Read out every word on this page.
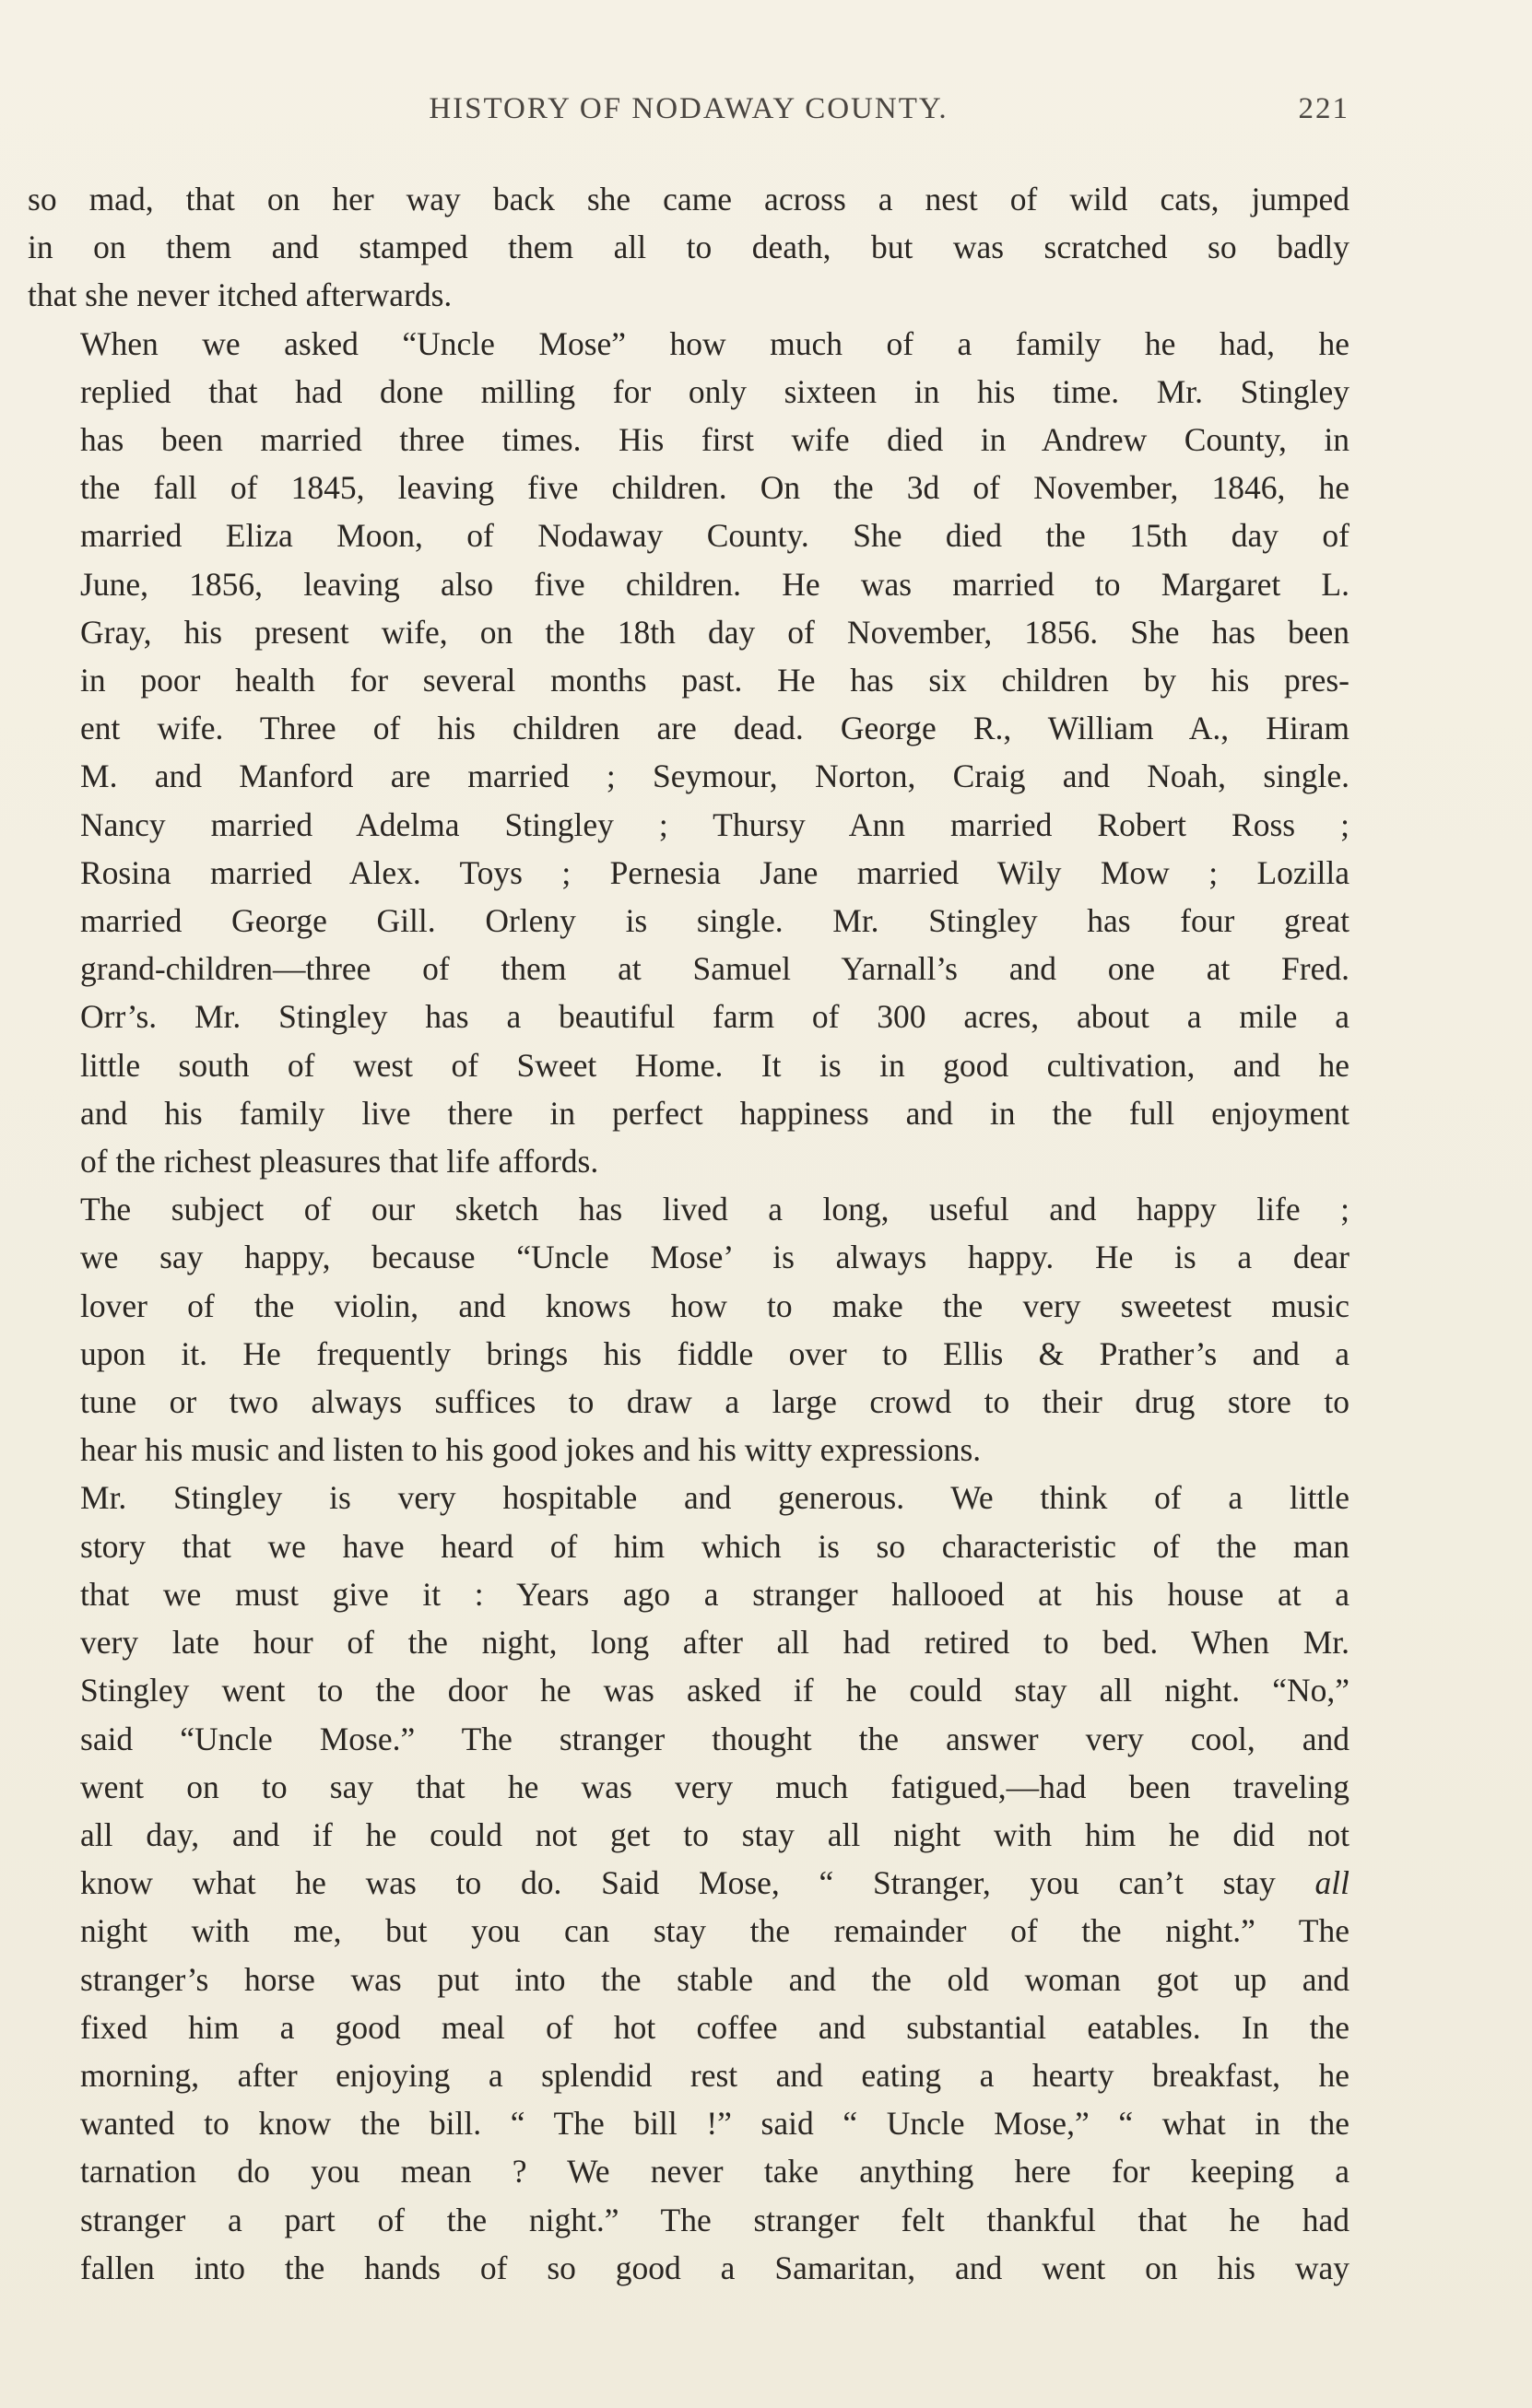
HISTORY OF NODAWAY COUNTY.	221

so mad, that on her way back she came across a nest of wild cats, jumped
in on them and stamped them all to death, but was scratched so badly
that she never itched afterwards.

When we asked “Uncle Mose” how much of a family he had, he
replied that had done milling for only sixteen in his time. Mr. Stingley
has been married three times. His first wife died in Andrew County, in
the fall of 1845, leaving five children. On the 3d of November, 1846, he
married Eliza Moon, of Nodaway County. She died the 15th day of
June, 1856, leaving also five children. He was married to Margaret L.
Gray, his present wife, on the 18th day of November, 1856. She has been
in poor health for several months past. He has six children by his pres-
ent wife. Three of his children are dead. George R., William A., Hiram
M. and Manford are married ; Seymour, Norton, Craig and Noah, single.
Nancy married Adelma Stingley ; Thursy Ann married Robert Ross ;
Rosina married Alex. Toys ; Pernesia Jane married Wily Mow ; Lozilla
married George Gill. Orleny is single. Mr. Stingley has four great
grand-children—three of them at Samuel Yarnall’s and one at Fred.
Orr’s. Mr. Stingley has a beautiful farm of 300 acres, about a mile a
little south of west of Sweet Home. It is in good cultivation, and he
and his family live there in perfect happiness and in the full enjoyment
of the richest pleasures that life affords.

The subject of our sketch has lived a long, useful and happy life ;
we say happy, because “Uncle Mose’ is always happy. He is a dear
lover of the violin, and knows how to make the very sweetest music
upon it. He frequently brings his fiddle over to Ellis & Prather’s and a
tune or two always suffices to draw a large crowd to their drug store to
hear his music and listen to his good jokes and his witty expressions.

Mr. Stingley is very hospitable and generous. We think of a little
story that we have heard of him which is so characteristic of the man
that we must give it : Years ago a stranger hallooed at his house at a
very late hour of the night, long after all had retired to bed. When Mr.
Stingley went to the door he was asked if he could stay all night. “No,”
said “Uncle Mose.” The stranger thought the answer very cool, and
went on to say that he was very much fatigued,—had been traveling
all day, and if he could not get to stay all night with him he did not
know what he was to do. Said Mose, “ Stranger, you can’t stay all
night with me, but you can stay the remainder of the night.” The
stranger’s horse was put into the stable and the old woman got up and
fixed him a good meal of hot coffee and substantial eatables. In the
morning, after enjoying a splendid rest and eating a hearty breakfast, he
wanted to know the bill. “ The bill !” said “ Uncle Mose,” “ what in the
tarnation do you mean ? We never take anything here for keeping a
stranger a part of the night.” The stranger felt thankful that he had
fallen into the hands of so good a Samaritan, and went on his way
